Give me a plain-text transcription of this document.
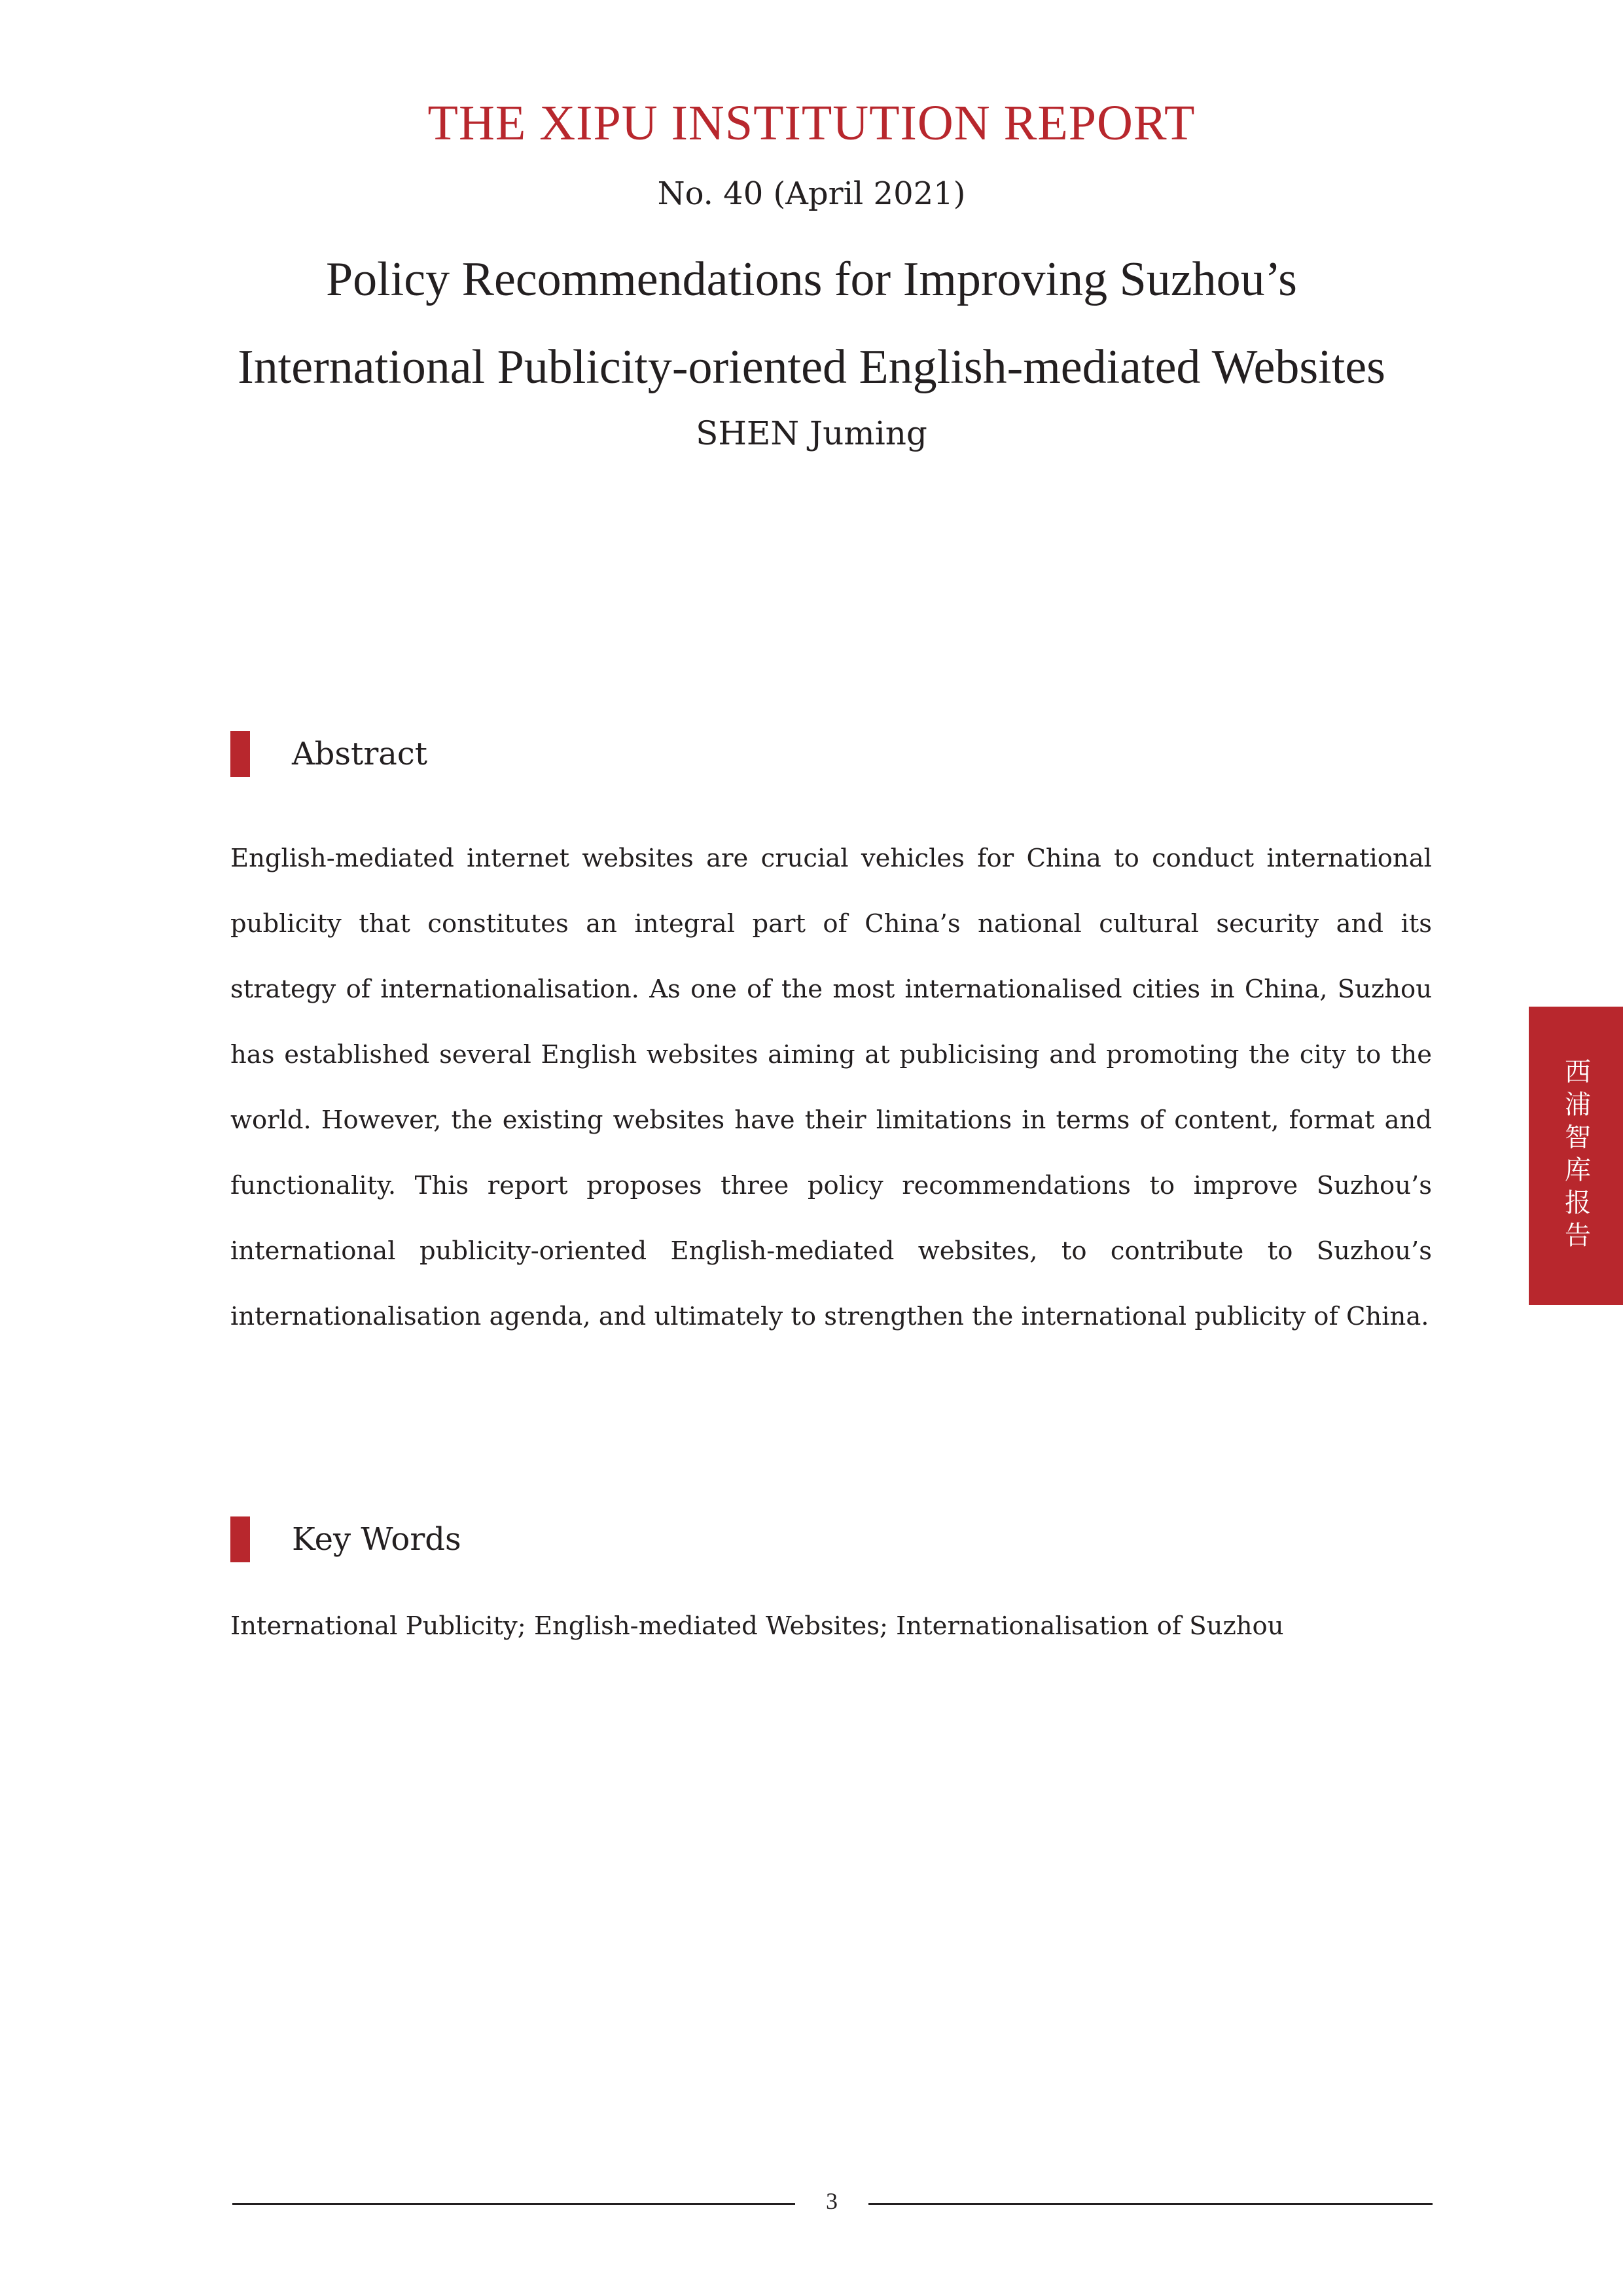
THE XIPU INSTITUTION REPORT
No. 40 (April 2021)
Policy Recommendations for Improving Suzhou’s
International Publicity-oriented English-mediated Websites
SHEN Juming
Abstract
English-mediated internet websites are crucial vehicles for China to conduct international publicity that constitutes an integral part of China’s national cultural security and its strategy of internationalisation. As one of the most internationalised cities in China, Suzhou has established several English websites aiming at publicising and promoting the city to the world. However, the existing websites have their limitations in terms of content, format and functionality. This report proposes three policy recommendations to improve Suzhou’s international publicity-oriented English-mediated websites, to contribute to Suzhou’s internationalisation agenda, and ultimately to strengthen the international publicity of China.
Key Words
International Publicity; English-mediated Websites; Internationalisation of Suzhou
西浦智库报告
3
